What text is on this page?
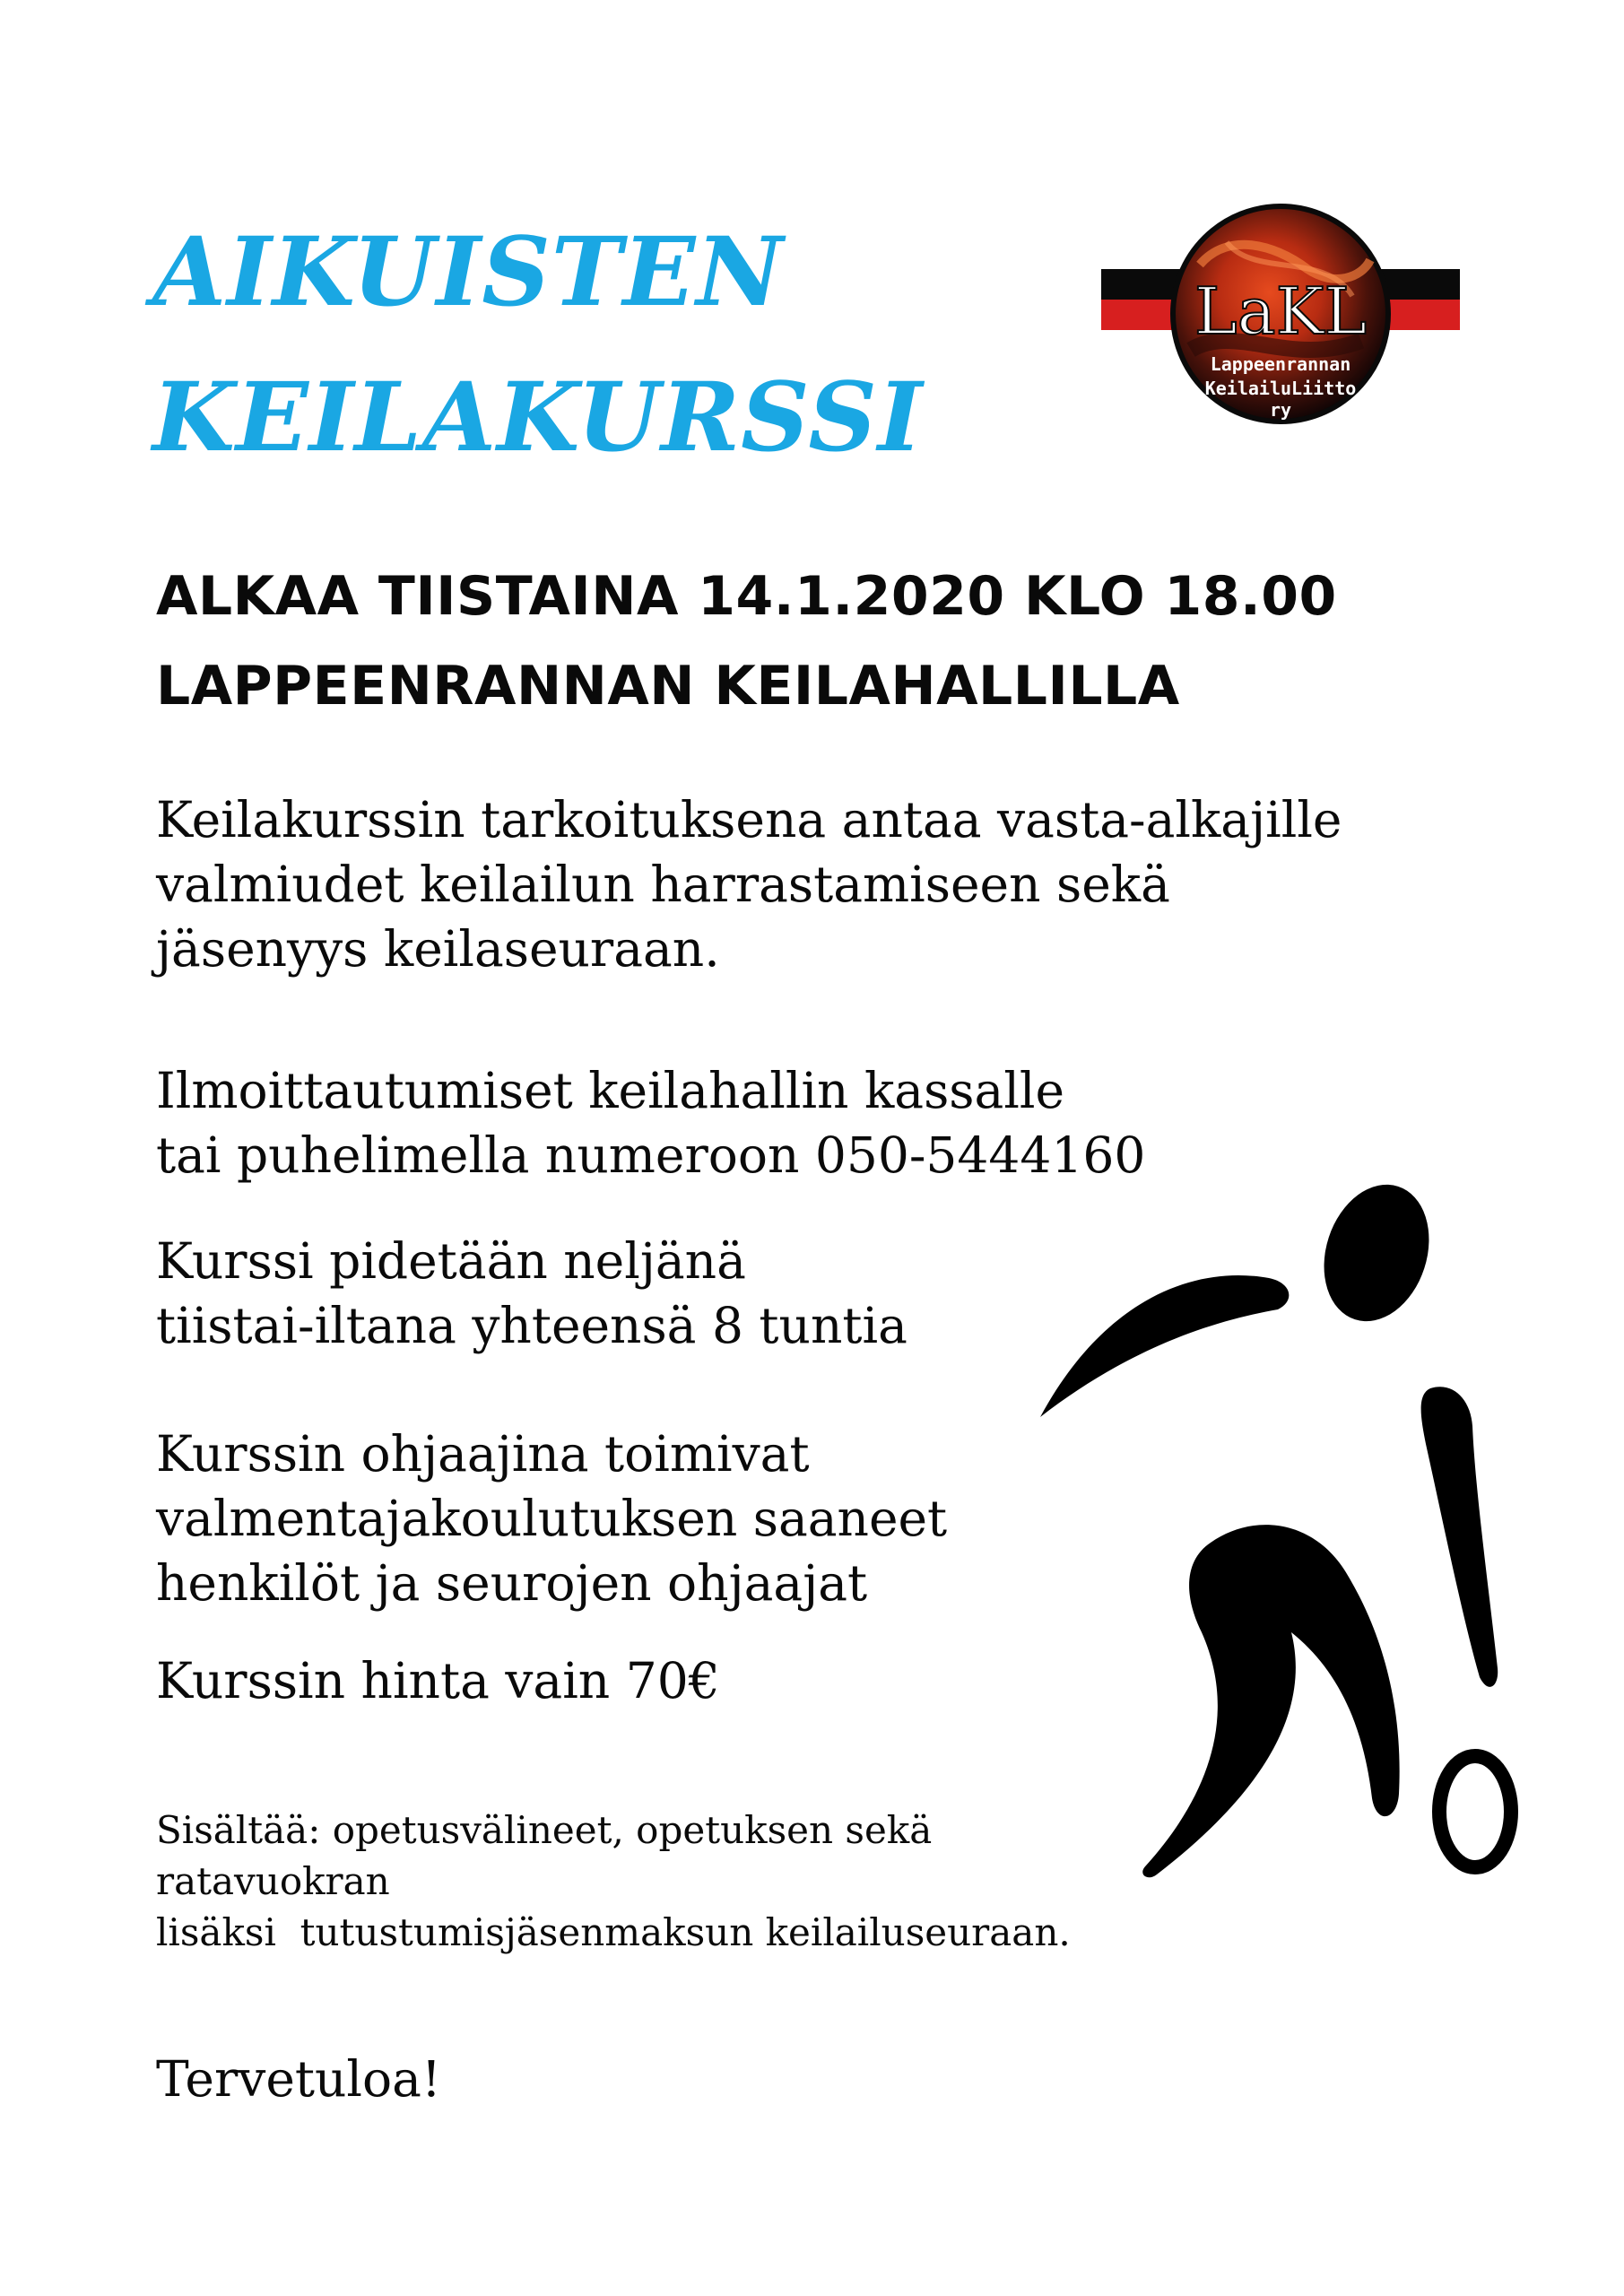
AIKUISTEN
KEILAKURSSI
LaKL
Lappeenrannan
KeilailuLiitto
ry
ALKAA TIISTAINA 14.1.2020 KLO 18.00
LAPPEENRANNAN KEILAHALLILLA
Keilakurssin tarkoituksena antaa vasta-alkajille
valmiudet keilailun harrastamiseen sekä
jäsenyys keilaseuraan.
Ilmoittautumiset keilahallin kassalle
tai puhelimella numeroon 050-5444160
Kurssi pidetään neljänä
tiistai-iltana yhteensä 8 tuntia
Kurssin ohjaajina toimivat
valmentajakoulutuksen saaneet
henkilöt ja seurojen ohjaajat
Kurssin hinta vain 70€
Sisältää: opetusvälineet, opetuksen sekä
ratavuokran
lisäksi  tutustumisjäsenmaksun keilailuseuraan.
Tervetuloa!
